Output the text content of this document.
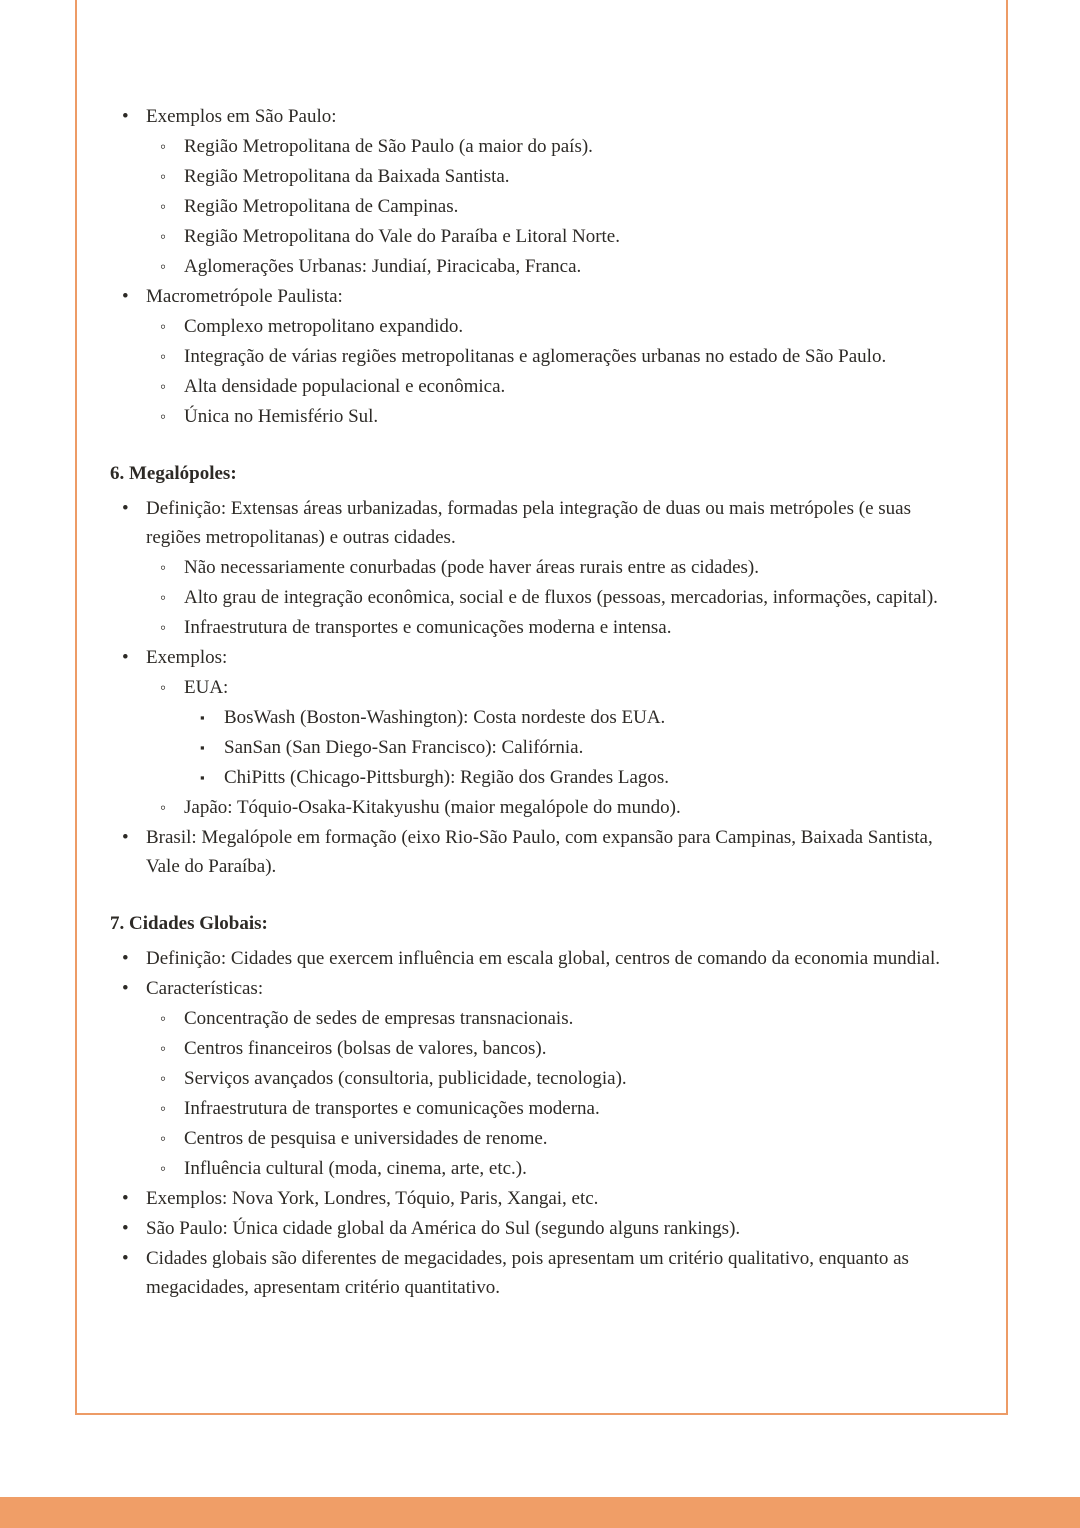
• Exemplos em São Paulo:
◦ Região Metropolitana de São Paulo (a maior do país).
◦ Região Metropolitana da Baixada Santista.
◦ Região Metropolitana de Campinas.
◦ Região Metropolitana do Vale do Paraíba e Litoral Norte.
◦ Aglomerações Urbanas: Jundiaí, Piracicaba, Franca.
• Macrometrópole Paulista:
◦ Complexo metropolitano expandido.
◦ Integração de várias regiões metropolitanas e aglomerações urbanas no estado de São Paulo.
◦ Alta densidade populacional e econômica.
◦ Única no Hemisfério Sul.
6. Megalópoles:
• Definição: Extensas áreas urbanizadas, formadas pela integração de duas ou mais metrópoles (e suas regiões metropolitanas) e outras cidades.
◦ Não necessariamente conurbadas (pode haver áreas rurais entre as cidades).
◦ Alto grau de integração econômica, social e de fluxos (pessoas, mercadorias, informações, capital).
◦ Infraestrutura de transportes e comunicações moderna e intensa.
• Exemplos:
◦ EUA:
▪	BosWash (Boston-Washington): Costa nordeste dos EUA.
▪	SanSan (San Diego-San Francisco): Califórnia.
▪	ChiPitts (Chicago-Pittsburgh): Região dos Grandes Lagos.
◦ Japão: Tóquio-Osaka-Kitakyushu (maior megalópole do mundo).
• Brasil: Megalópole em formação (eixo Rio-São Paulo, com expansão para Campinas, Baixada Santista, Vale do Paraíba).
7. Cidades Globais:
• Definição: Cidades que exercem influência em escala global, centros de comando da economia mundial.
• Características:
◦ Concentração de sedes de empresas transnacionais.
◦ Centros financeiros (bolsas de valores, bancos).
◦ Serviços avançados (consultoria, publicidade, tecnologia).
◦ Infraestrutura de transportes e comunicações moderna.
◦ Centros de pesquisa e universidades de renome.
◦ Influência cultural (moda, cinema, arte, etc.).
• Exemplos: Nova York, Londres, Tóquio, Paris, Xangai, etc.
• São Paulo: Única cidade global da América do Sul (segundo alguns rankings).
• Cidades globais são diferentes de megacidades, pois apresentam um critério qualitativo, enquanto as megacidades, apresentam critério quantitativo.
